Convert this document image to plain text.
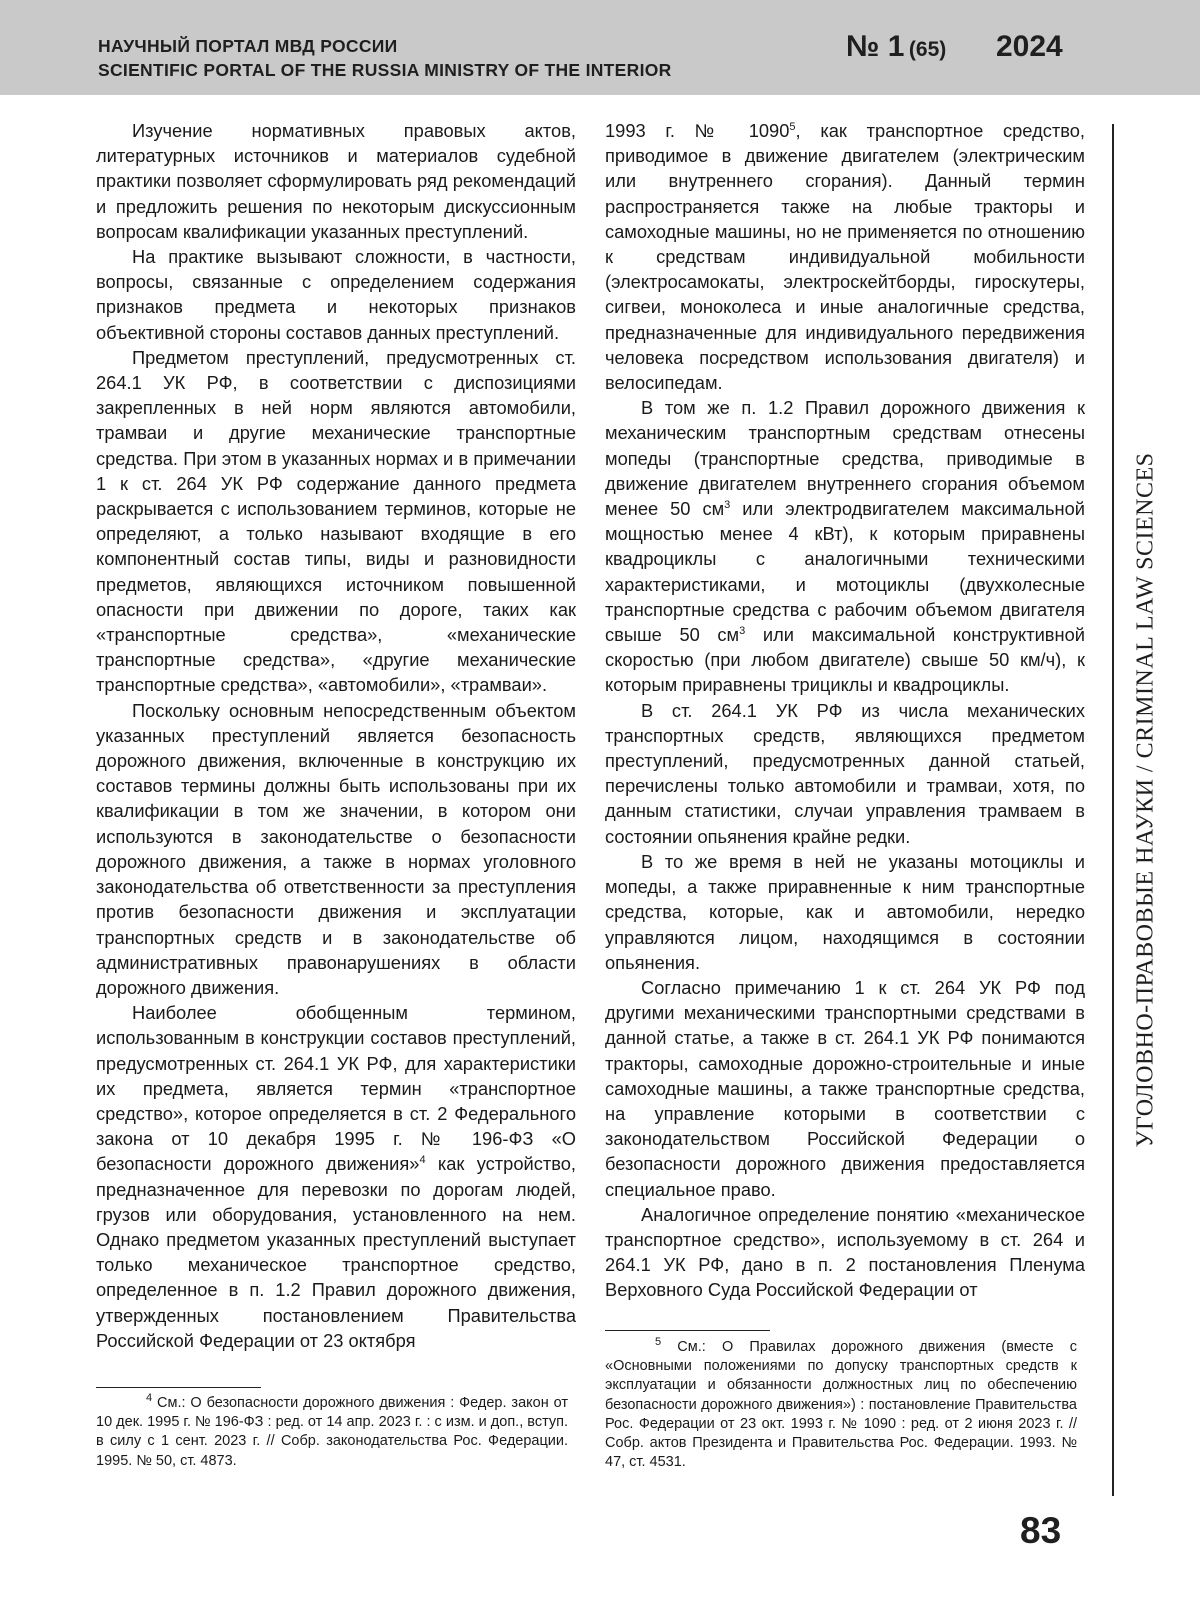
НАУЧНЫЙ ПОРТАЛ МВД РОССИИ
SCIENTIFIC PORTAL OF THE RUSSIA MINISTRY OF THE INTERIOR
№ 1 (65) 2024

Изучение нормативных правовых актов, литературных источников и материалов судебной практики позволяет сформулировать ряд рекомендаций и предложить решения по некоторым дискуссионным вопросам квалификации указанных преступлений.

На практике вызывают сложности, в частности, вопросы, связанные с определением содержания признаков предмета и некоторых признаков объективной стороны составов данных преступлений.

Предметом преступлений, предусмотренных ст. 264.1 УК РФ, в соответствии с диспозициями закрепленных в ней норм являются автомобили, трамваи и другие механические транспортные средства. При этом в указанных нормах и в примечании 1 к ст. 264 УК РФ содержание данного предмета раскрывается с использованием терминов, которые не определяют, а только называют входящие в его компонентный состав типы, виды и разновидности предметов, являющихся источником повышенной опасности при движении по дороге, таких как «транспортные средства», «механические транспортные средства», «другие механические транспортные средства», «автомобили», «трамваи».

Поскольку основным непосредственным объектом указанных преступлений является безопасность дорожного движения, включенные в конструкцию их составов термины должны быть использованы при их квалификации в том же значении, в котором они используются в законодательстве о безопасности дорожного движения, а также в нормах уголовного законодательства об ответственности за преступления против безопасности движения и эксплуатации транспортных средств и в законодательстве об административных правонарушениях в области дорожного движения.

Наиболее обобщенным термином, использованным в конструкции составов преступлений, предусмотренных ст. 264.1 УК РФ, для характеристики их предмета, является термин «транспортное средство», которое определяется в ст. 2 Федерального закона от 10 декабря 1995 г. № 196-ФЗ «О безопасности дорожного движения»$^4$ как устройство, предназначенное для перевозки по дорогам людей, грузов или оборудования, установленного на нем. Однако предметом указанных преступлений выступает только механическое транспортное средство, определенное в п. 1.2 Правил дорожного движения, утвержденных постановлением Правительства Российской Федерации от 23 октября

$^4$ См.: О безопасности дорожного движения : Федер. закон от 10 дек. 1995 г. № 196-ФЗ : ред. от 14 апр. 2023 г. : с изм. и доп., вступ. в силу с 1 сент. 2023 г. // Собр. законодательства Рос. Федерации. 1995. № 50, ст. 4873.

1993 г. № 1090$^5$, как транспортное средство, приводимое в движение двигателем (электрическим или внутреннего сгорания). Данный термин распространяется также на любые тракторы и самоходные машины, но не применяется по отношению к средствам индивидуальной мобильности (электросамокаты, электроскейтборды, гироскутеры, сигвеи, моноколеса и иные аналогичные средства, предназначенные для индивидуального передвижения человека посредством использования двигателя) и велосипедам.

В том же п. 1.2 Правил дорожного движения к механическим транспортным средствам отнесены мопеды (транспортные средства, приводимые в движение двигателем внутреннего сгорания объемом менее 50 $см^3$ или электродвигателем максимальной мощностью менее 4 кВт), к которым приравнены квадроциклы с аналогичными техническими характеристиками, и мотоциклы (двухколесные транспортные средства с рабочим объемом двигателя свыше 50 $см^3$ или максимальной конструктивной скоростью (при любом двигателе) свыше 50 км/ч), к которым приравнены трициклы и квадроциклы.

В ст. 264.1 УК РФ из числа механических транспортных средств, являющихся предметом преступлений, предусмотренных данной статьей, перечислены только автомобили и трамваи, хотя, по данным статистики, случаи управления трамваем в состоянии опьянения крайне редки.

В то же время в ней не указаны мотоциклы и мопеды, а также приравненные к ним транспортные средства, которые, как и автомобили, нередко управляются лицом, находящимся в состоянии опьянения.

Согласно примечанию 1 к ст. 264 УК РФ под другими механическими транспортными средствами в данной статье, а также в ст. 264.1 УК РФ понимаются тракторы, самоходные дорожно-строительные и иные самоходные машины, а также транспортные средства, на управление которыми в соответствии с законодательством Российской Федерации о безопасности дорожного движения предоставляется специальное право.

Аналогичное определение понятию «механическое транспортное средство», используемому в ст. 264 и 264.1 УК РФ, дано в п. 2 постановления Пленума Верховного Суда Российской Федерации от

$^5$ См.: О Правилах дорожного движения (вместе с «Основными положениями по допуску транспортных средств к эксплуатации и обязанности должностных лиц по обеспечению безопасности дорожного движения») : постановление Правительства Рос. Федерации от 23 окт. 1993 г. № 1090 : ред. от 2 июня 2023 г. // Собр. актов Президента и Правительства Рос. Федерации. 1993. № 47, ст. 4531.
УГОЛОВНО-ПРАВОВЫЕ НАУКИ / CRIMINAL LAW SCIENCES
83
